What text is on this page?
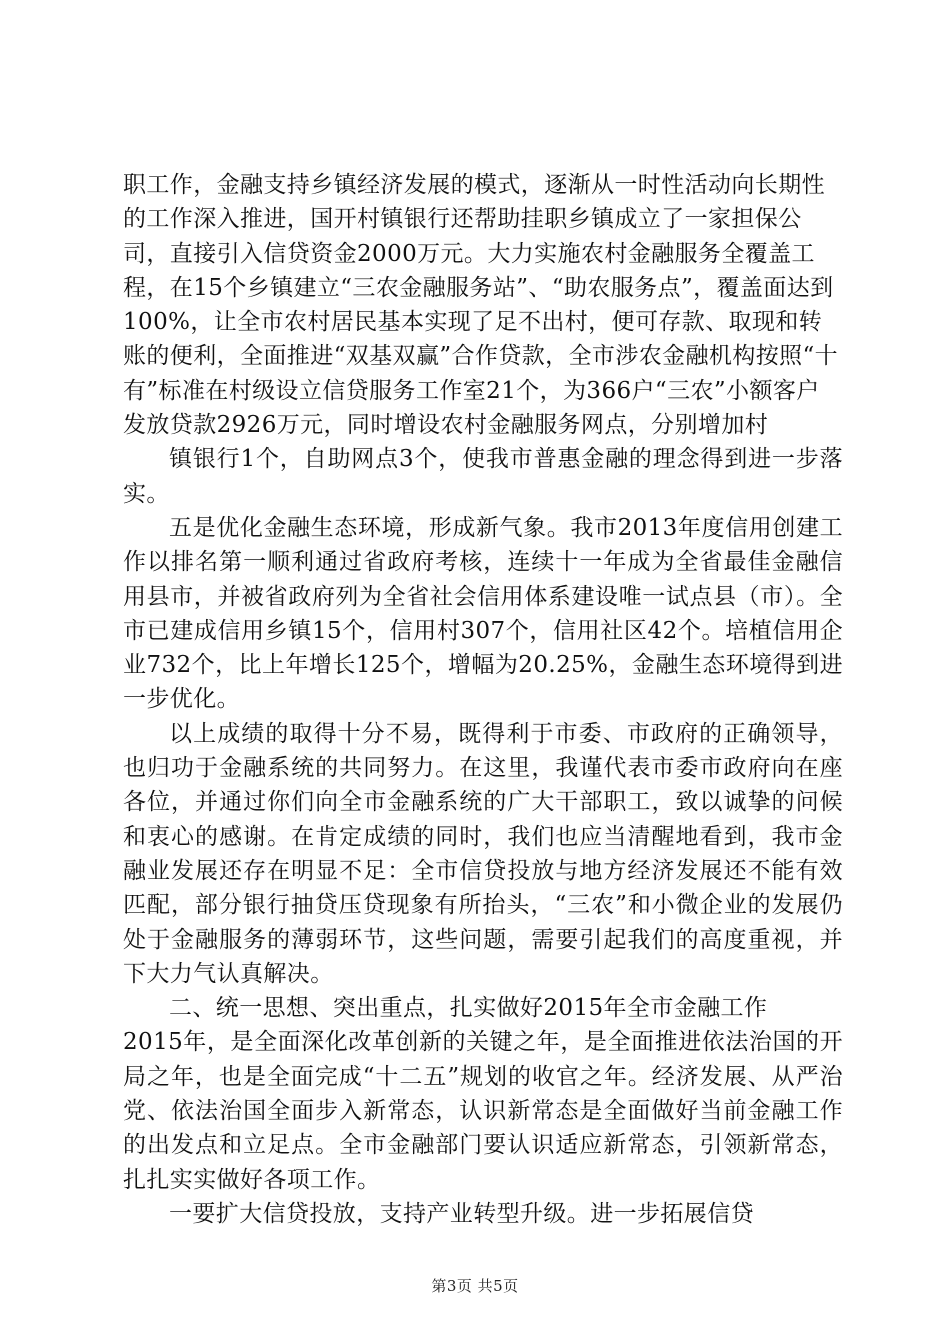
职工作，金融支持乡镇经济发展的模式，逐渐从一时性活动向长期性的工作深入推进，国开村镇银行还帮助挂职乡镇成立了一家担保公司，直接引入信贷资金2000万元。大力实施农村金融服务全覆盖工程，在15个乡镇建立“三农金融服务站”、“助农服务点”，覆盖面达到100%，让全市农村居民基本实现了足不出村，便可存款、取现和转账的便利，全面推进“双基双赢”合作贷款，全市涉农金融机构按照“十有”标准在村级设立信贷服务工作室21个，为366户“三农”小额客户发放贷款2926万元，同时增设农村金融服务网点，分别增加村

镇银行1个，自助网点3个，使我市普惠金融的理念得到进一步落实。

五是优化金融生态环境，形成新气象。我市2013年度信用创建工作以排名第一顺利通过省政府考核，连续十一年成为全省最佳金融信用县市，并被省政府列为全省社会信用体系建设唯一试点县（市）。全市已建成信用乡镇15个，信用村307个，信用社区42个。培植信用企业732个，比上年增长125个，增幅为20.25%，金融生态环境得到进一步优化。

以上成绩的取得十分不易，既得利于市委、市政府的正确领导，也归功于金融系统的共同努力。在这里，我谨代表市委市政府向在座各位，并通过你们向全市金融系统的广大干部职工，致以诚挚的问候和衷心的感谢。在肯定成绩的同时，我们也应当清醒地看到，我市金融业发展还存在明显不足：全市信贷投放与地方经济发展还不能有效匹配，部分银行抽贷压贷现象有所抬头，“三农”和小微企业的发展仍处于金融服务的薄弱环节，这些问题，需要引起我们的高度重视，并下大力气认真解决。

二、统一思想、突出重点，扎实做好2015年全市金融工作

2015年，是全面深化改革创新的关键之年，是全面推进依法治国的开局之年，也是全面完成“十二五”规划的收官之年。经济发展、从严治党、依法治国全面步入新常态，认识新常态是全面做好当前金融工作的出发点和立足点。全市金融部门要认识适应新常态，引领新常态，扎扎实实做好各项工作。

一要扩大信贷投放，支持产业转型升级。进一步拓展信贷

第3页 共5页
